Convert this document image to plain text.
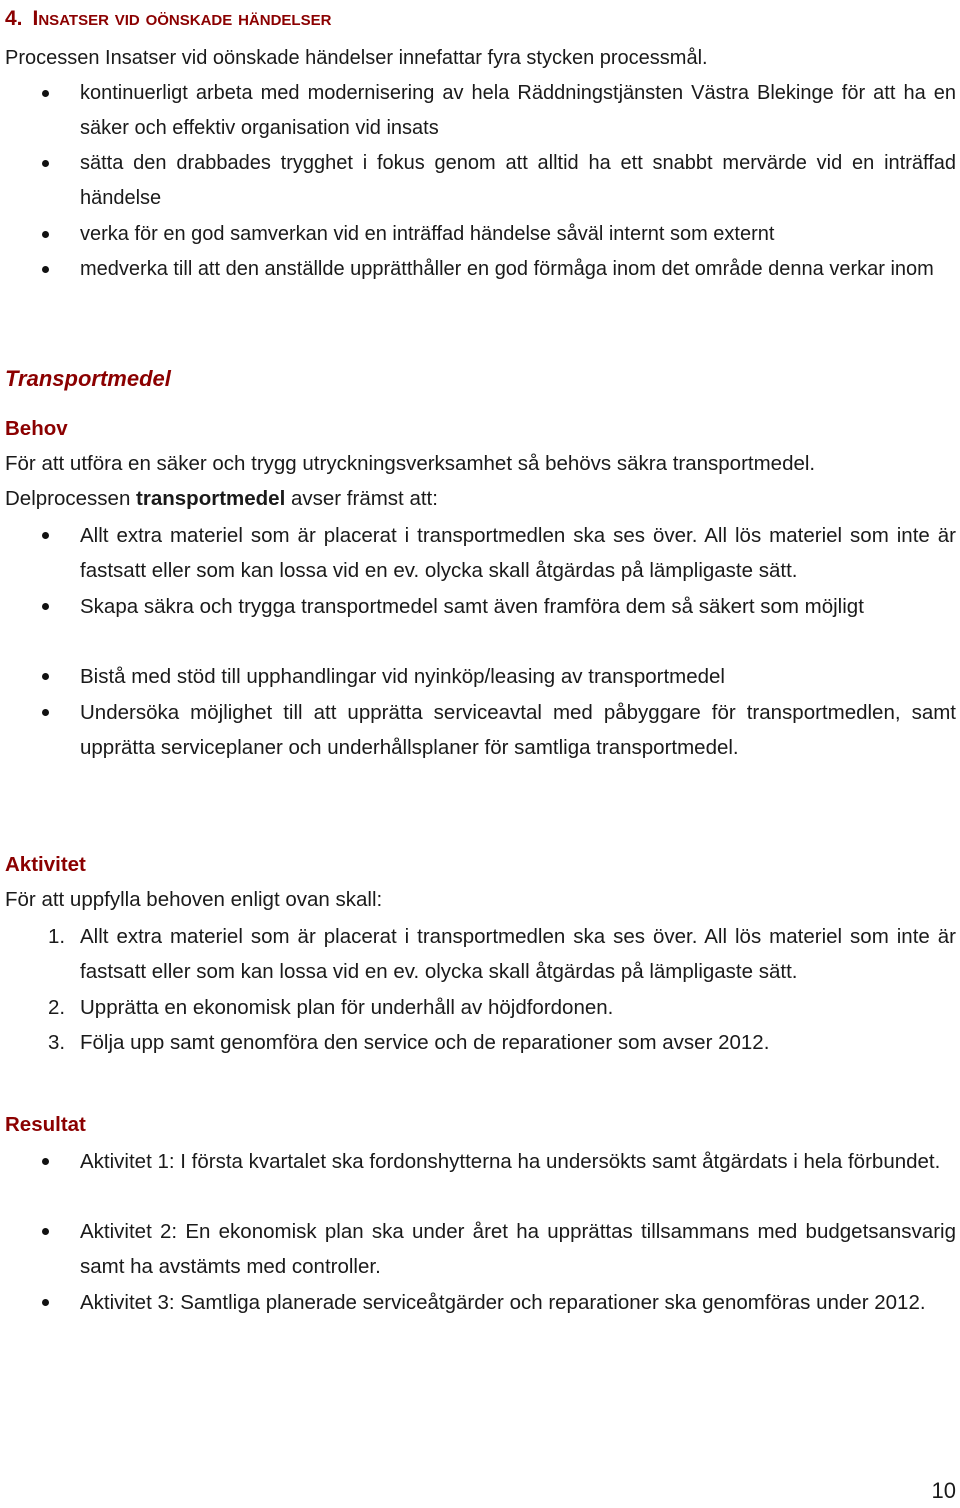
4. Insatser vid oönskade händelser
Processen Insatser vid oönskade händelser innefattar fyra stycken processmål.
kontinuerligt arbeta med modernisering av hela Räddningstjänsten Västra Blekinge för att ha en säker och effektiv organisation vid insats
sätta den drabbades trygghet i fokus genom att alltid ha ett snabbt mervärde vid en inträffad händelse
verka för en god samverkan vid en inträffad händelse såväl internt som externt
medverka till att den anställde upprätthåller en god förmåga inom det område denna verkar inom
Transportmedel
Behov
För att utföra en säker och trygg utryckningsverksamhet så behövs säkra transportmedel.
Delprocessen transportmedel avser främst att:
Allt extra materiel som är placerat i transportmedlen ska ses över. All lös materiel som inte är fastsatt eller som kan lossa vid en ev. olycka skall åtgärdas på lämpligaste sätt.
Skapa säkra och trygga transportmedel samt även framföra dem så säkert som möjligt
Bistå med stöd till upphandlingar vid nyinköp/leasing av transportmedel
Undersöka möjlighet till att upprätta serviceavtal med påbyggare för transportmedlen, samt upprätta serviceplaner och underhållsplaner för samtliga transportmedel.
Aktivitet
För att uppfylla behoven enligt ovan skall:
1. Allt extra materiel som är placerat i transportmedlen ska ses över. All lös materiel som inte är fastsatt eller som kan lossa vid en ev. olycka skall åtgärdas på lämpligaste sätt.
2. Upprätta en ekonomisk plan för underhåll av höjdfordonen.
3. Följa upp samt genomföra den service och de reparationer som avser 2012.
Resultat
Aktivitet 1: I första kvartalet ska fordonshytterna ha undersökts samt åtgärdats i hela förbundet.
Aktivitet 2: En ekonomisk plan ska under året ha upprättas tillsammans med budgetsansvarig samt ha avstämts med controller.
Aktivitet 3: Samtliga planerade serviceåtgärder och reparationer ska genomföras under 2012.
10
